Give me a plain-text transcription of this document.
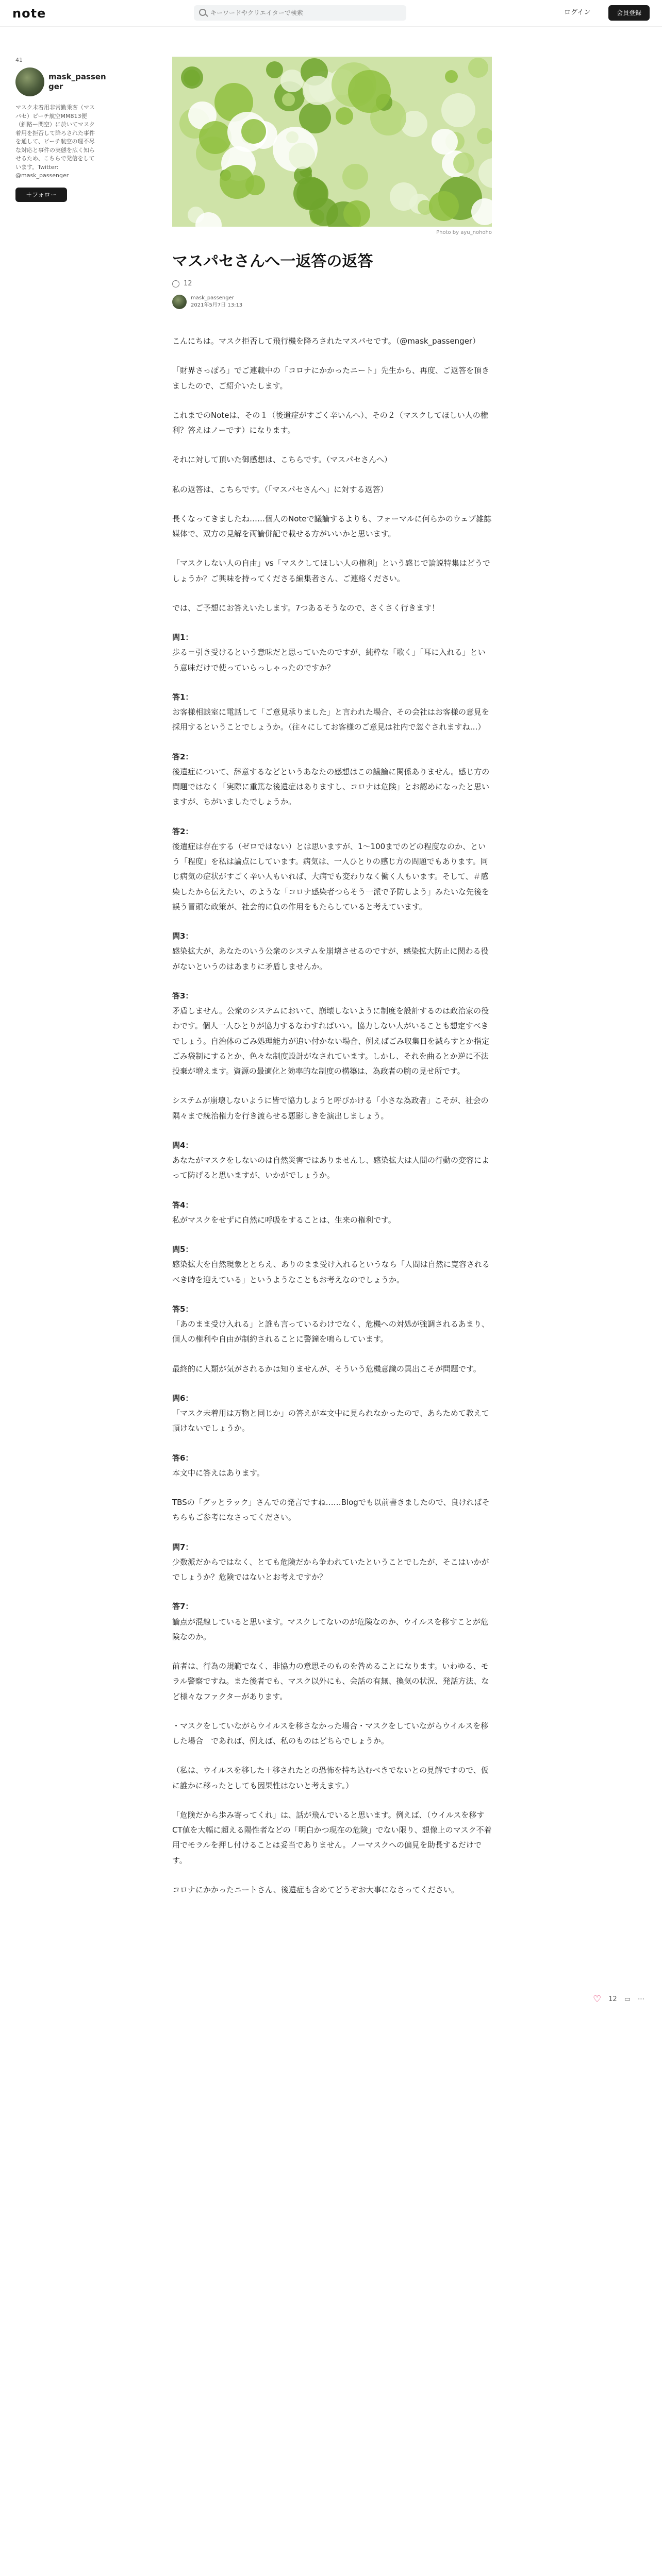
note
キーワードやクリエイターで検索	ログイン	会員登録
41
mask_passenger
マスク未着用非常勤乗客（マスパセ）ピーチ航空MM813便（釧路ー関空）に於いてマスク着用を拒否して降ろされた事件を通して、ピーチ航空の理不尽な対応と事件の実態を広く知らせるため、こちらで発信をしています。Twitter: @mask_passenger
＋フォロー
Photo by ayu_nohoho
マスパセさんへ一返答の返答
12
mask_passenger
2021年5月7日 13:13

こんにちは。マスク拒否して飛行機を降ろされたマスパセです。（@mask_passenger）

「財界さっぽろ」でご連載中の「コロナにかかったニート」先生から、再度、ご返答を頂きましたので、ご紹介いたします。

これまでのNoteは、その１（後遺症がすごく辛いんへ）、その２（マスクしてほしい人の権利？答えはノーです）になります。

それに対して頂いた御感想は、こちらです。（マスパセさんへ）

私の返答は、こちらです。（「マスパセさんへ」に対する返答）

長くなってきましたね……個人のNoteで議論するよりも、フォーマルに何らかのウェブ雑誌媒体で、双方の見解を両論併記で載せる方がいいかと思います。

「マスクしない人の自由」vs「マスクしてほしい人の権利」という感じで論説特集はどうでしょうか？ご興味を持ってくださる編集者さん、ご連絡ください。

では、ご予想にお答えいたします。7つあるそうなので、さくさく行きます！

問1：
歩る＝引き受けるという意味だと思っていたのですが、純粋な「歌く」「耳に入れる」という意味だけで使っていらっしゃったのですか？

答1：
お客様相談室に電話して「ご意見承りました」と言われた場合、その会社はお客様の意見を採用するということでしょうか。（往々にしてお客様のご意見は社内で忽ぐされますね…）

答2：
後遺症について、辞意するなどというあなたの感想はこの議論に関係ありません。感じ方の問題ではなく「実際に重篤な後遺症はありますし、コロナは危険」とお認めになったと思いますが、ちがいましたでしょうか。

答2：
後遺症は存在する（ゼロではない）とは思いますが、1〜100までのどの程度なのか、という「程度」を私は論点にしています。病気は、一人ひとりの感じ方の問題でもあります。同じ病気の症状がすごく辛い人もいれば、大病でも変わりなく働く人もいます。そして、＃感染したから伝えたい、のような「コロナ感染者つらそう一派で予防しよう」みたいな先後を誤う冒頭な政策が、社会的に負の作用をもたらしていると考えています。

問3：
感染拡大が、あなたのいう公衆のシステムを崩壊させるのですが、感染拡大防止に関わる役がないというのはあまりに矛盾しませんか。

答3：
矛盾しません。公衆のシステムにおいて、崩壊しないように制度を設計するのは政治家の役わです。個人一人ひとりが協力するなわすればいい。協力しない人がいることも想定すべきでしょう。自治体のごみ処理能力が追い付かない場合、例えばごみ収集日を減らすとか指定ごみ袋制にするとか、色々な制度設計がなされています。しかし、それを曲るとか逆に不法投棄が増えます。資源の最適化と効率的な制度の構築は、為政者の腕の見せ所です。

システムが崩壊しないように皆で協力しようと呼びかける「小さな為政者」こそが、社会の隅々まで統治権力を行き渡らせる悪影しきを演出しましょう。

問4：
あなたがマスクをしないのは自然災害ではありませんし、感染拡大は人間の行動の変容によって防げると思いますが、いかがでしょうか。

答4：
私がマスクをせずに自然に呼吸をすることは、生来の権利です。

問5：
感染拡大を自然現象ととらえ、ありのまま受け入れるというなら「人間は自然に寛容されるべき時を迎えている」というようなこともお考えなのでしょうか。

答5：
「あのまま受け入れる」と誰も言っているわけでなく、危機への対処が強調されるあまり、個人の権利や自由が制約されることに警鐘を鳴らしています。

最終的に人類が気がされるかは知りませんが、そういう危機意識の異出こそが問題です。

問6：
「マスク未着用は万物と同じか」の答えが本文中に見られなかったので、あらためて教えて頂けないでしょうか。

答6：
本文中に答えはあります。

TBSの「グッとラック」さんでの発言ですね……Blogでも以前書きましたので、良ければそちらもご参考になさってください。

問7：
少数派だからではなく、とても危険だから争われていたということでしたが、そこはいかがでしょうか？危険ではないとお考えですか？

答7：
論点が混線していると思います。マスクしてないのが危険なのか、ウイルスを移すことが危険なのか。

前者は、行為の規範でなく、非協力の意思そのものを咎めることになります。いわゆる、モラル警察ですね。また後者でも、マスク以外にも、会話の有無、換気の状況、発話方法、など様々なファクターがあります。

・マスクをしていながらウイルスを移さなかった場合・マスクをしていながらウイルスを移した場合　であれば、例えば、私のものはどちらでしょうか。

（私は、ウイルスを移した＋移されたとの恐怖を持ち込むべきでないとの見解ですので、仮に誰かに移ったとしても因果性はないと考えます。）

「危険だから歩み寄ってくれ」は、話が飛んでいると思います。例えば、（ウイルスを移すCT値を大幅に超える陽性者などの「明白かつ現在の危険」でない限り、想像上のマスク不着用でモラルを押し付けることは妥当でありません。ノーマスクへの偏見を助長するだけです。

コロナにかかったニートさん、後遺症も含めてどうぞお大事になさってください。

♡ 12 ▭ ⋯
